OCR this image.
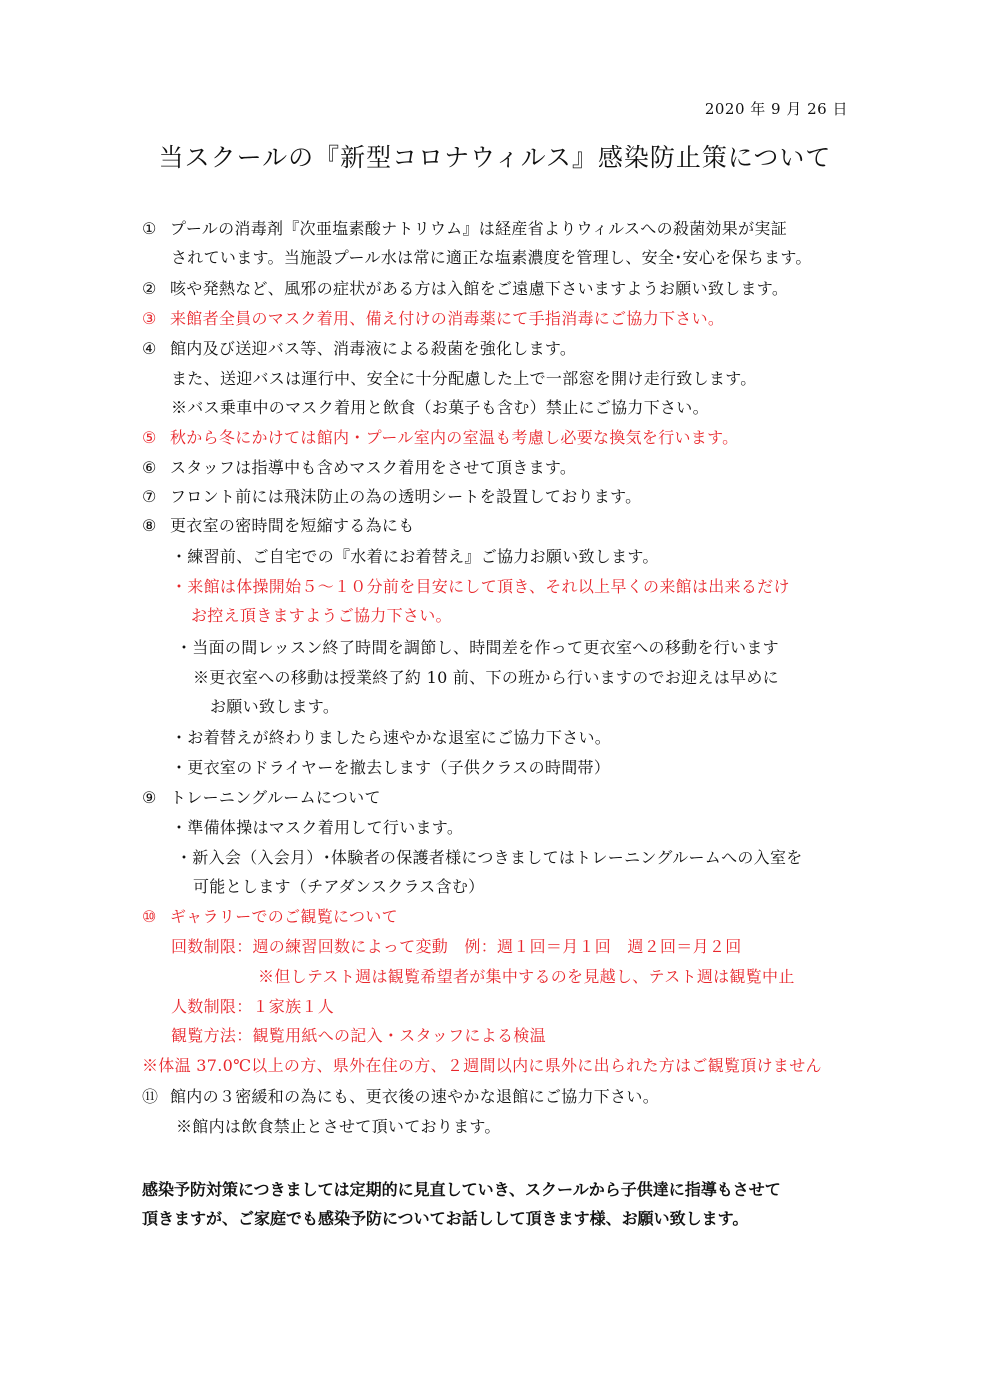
2020 年 9 月 26 日
当スクールの『新型コロナウィルス』感染防止策について
① プールの消毒剤『次亜塩素酸ナトリウム』は経産省よりウィルスへの殺菌効果が実証
されています。当施設プール水は常に適正な塩素濃度を管理し、安全･安心を保ちます。
② 咳や発熱など、風邪の症状がある方は入館をご遠慮下さいますようお願い致します。
③ 来館者全員のマスク着用、備え付けの消毒薬にて手指消毒にご協力下さい。
④ 館内及び送迎バス等、消毒液による殺菌を強化します。
また、送迎バスは運行中、安全に十分配慮した上で一部窓を開け走行致します。
※バス乗車中のマスク着用と飲食（お菓子も含む）禁止にご協力下さい。
⑤ 秋から冬にかけては館内・プール室内の室温も考慮し必要な換気を行います。
⑥ スタッフは指導中も含めマスク着用をさせて頂きます。
⑦ フロント前には飛沫防止の為の透明シートを設置しております。
⑧ 更衣室の密時間を短縮する為にも
・練習前、ご自宅での『水着にお着替え』ご協力お願い致します。
・来館は体操開始５～１０分前を目安にして頂き、それ以上早くの来館は出来るだけ
お控え頂きますようご協力下さい。
・当面の間レッスン終了時間を調節し、時間差を作って更衣室への移動を行います
※更衣室への移動は授業終了約 10 前、下の班から行いますのでお迎えは早めに
お願い致します。
・お着替えが終わりましたら速やかな退室にご協力下さい。
・更衣室のドライヤーを撤去します（子供クラスの時間帯）
⑨ トレーニングルームについて
・準備体操はマスク着用して行います。
・新入会（入会月）･体験者の保護者様につきましてはトレーニングルームへの入室を
可能とします（チアダンスクラス含む）
⑩ ギャラリーでのご観覧について
回数制限：週の練習回数によって変動　例：週１回＝月１回　週２回＝月２回
※但しテスト週は観覧希望者が集中するのを見越し、テスト週は観覧中止
人数制限：１家族１人
観覧方法：観覧用紙への記入・スタッフによる検温
※体温 37.0℃以上の方、県外在住の方、２週間以内に県外に出られた方はご観覧頂けません
⑪ 館内の３密緩和の為にも、更衣後の速やかな退館にご協力下さい。
※館内は飲食禁止とさせて頂いております。
感染予防対策につきましては定期的に見直していき、スクールから子供達に指導もさせて
頂きますが、ご家庭でも感染予防についてお話しして頂きます様、お願い致します。
